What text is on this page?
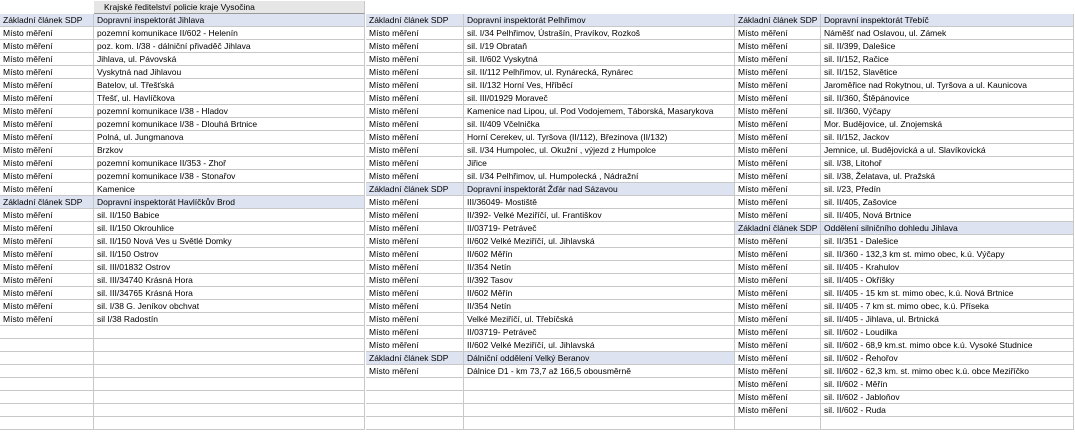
Krajské ředitelství policie kraje Vysočina
Základní článek SDP	Dopravní inspektorát Jihlava
Místo měření	pozemní komunikace II/602 - Helenín
Místo měření	poz. kom. I/38 - dálniční přivaděč Jihlava
Místo měření	Jihlava, ul. Pávovská
Místo měření	Vyskytná nad Jihlavou
Místo měření	Batelov, ul. Třešťská
Místo měření	Třešť, ul. Havlíčkova
Místo měření	pozemní komunikace I/38 - Hladov
Místo měření	pozemní komunikace I/38 - Dlouhá Brtnice
Místo měření	Polná, ul. Jungmanova
Místo měření	Brzkov
Místo měření	pozemní komunikace II/353 - Zhoř
Místo měření	pozemní komunikace I/38 - Stonařov
Místo měření	Kamenice
Základní článek SDP	Dopravní inspektorát Havlíčkův Brod
Místo měření	sil. II/150 Babice
Místo měření	sil. II/150 Okrouhlice
Místo měření	sil. II/150 Nová Ves u Světlé Domky
Místo měření	sil. II/150 Ostrov
Místo měření	sil. III/01832 Ostrov
Místo měření	sil. III/34740 Krásná Hora
Místo měření	sil. III/34765 Krásná Hora
Místo měření	sil. I/38 G. Jeníkov obchvat
Místo měření	sil I/38 Radostín
Základní článek SDP	Dopravní inspektorát Pelhřimov
Místo měření	sil. I/34 Pelhřimov, Ústrašín, Pravíkov, Rozkoš
Místo měření	sil. I/19 Obrataň
Místo měření	sil. II/602 Vyskytná
Místo měření	sil. II/112 Pelhřimov, ul. Rynárecká, Rynárec
Místo měření	sil. II/132 Horní Ves, Hříběcí
Místo měření	sil. III/01929 Moraveč
Místo měření	Kamenice nad Lipou, ul. Pod Vodojemem, Táborská, Masarykova
Místo měření	sil. II/409 Včelnička
Místo měření	Horní Cerekev, ul. Tyršova (II/112), Březinova (II/132)
Místo měření	sil. I/34 Humpolec, ul. Okužní , výjezd z Humpolce
Místo měření	Jiřice
Místo měření	sil. I/34 Pelhřimov, ul. Humpolecká , Nádražní
Základní článek SDP	Dopravní inspektorát Žďár nad Sázavou
Místo měření	III/36049- Mostiště
Místo měření	II/392- Velké Meziříčí, ul. Františkov
Místo měření	II/03719- Petráveč
Místo měření	II/602 Velké Meziříčí, ul. Jihlavská
Místo měření	II/602 Měřín
Místo měření	II/354 Netín
Místo měření	II/392 Tasov
Místo měření	II/602 Měřín
Místo měření	II/354 Netín
Místo měření	Velké Meziříčí, ul. Třebíčská
Místo měření	II/03719- Petráveč
Místo měření	II/602 Velké Meziříčí, ul. Jihlavská
Základní článek SDP	Dálniční oddělení Velký Beranov
Místo měření	Dálnice D1 - km 73,7 až 166,5 obousměrně
Základní článek SDP Dopravní inspektorát Třebíč
Místo měření	Náměšť nad Oslavou, ul. Zámek
Místo měření	sil. II/399, Dalešice
Místo měření	sil. II/152, Račice
Místo měření	sil. II/152, Slavětice
Místo měření	Jaroměřice nad Rokytnou, ul. Tyršova a ul. Kaunicova
Místo měření	sil. II/360, Štěpánovice
Místo měření	sil. II/360, Výčapy
Místo měření	Mor. Budějovice, ul. Znojemská
Místo měření	sil. II/152, Jackov
Místo měření	Jemnice, ul. Budějovická a ul. Slavíkovická
Místo měření	sil. I/38, Litohoř
Místo měření	sil. I/38, Želatava, ul. Pražská
Místo měření	sil. I/23, Předín
Místo měření	sil. II/405, Zašovice
Místo měření	sil. II/405, Nová Brtnice
Základní článek SDP Oddělení silničního dohledu Jihlava
Místo měření	sil. II/351 - Dalešice
Místo měření	sil. II/360 - 132,3 km st. mimo obec, k.ú. Výčapy
Místo měření	sil. II/405 - Krahulov
Místo měření	sil. II/405 - Okříšky
Místo měření	sil. II/405 - 15 km st. mimo obec, k.ú. Nová Brtnice
Místo měření	sil. II/405 - 7 km st. mimo obec, k.ú. Příseka
Místo měření	sil. II/405 - Jihlava, ul. Brtnická
Místo měření	sil. II/602 - Loudilka
Místo měření	sil. II/602 - 68,9 km.st. mimo obce k.ú. Vysoké Studnice
Místo měření	sil. II/602 - Řehořov
Místo měření	sil. II/602 - 62,3 km. st. mimo obec k.ú. obce Meziříčko
Místo měření	sil. II/602 - Měřín
Místo měření	sil. II/602 - Jabloňov
Místo měření	sil. II/602 - Ruda
